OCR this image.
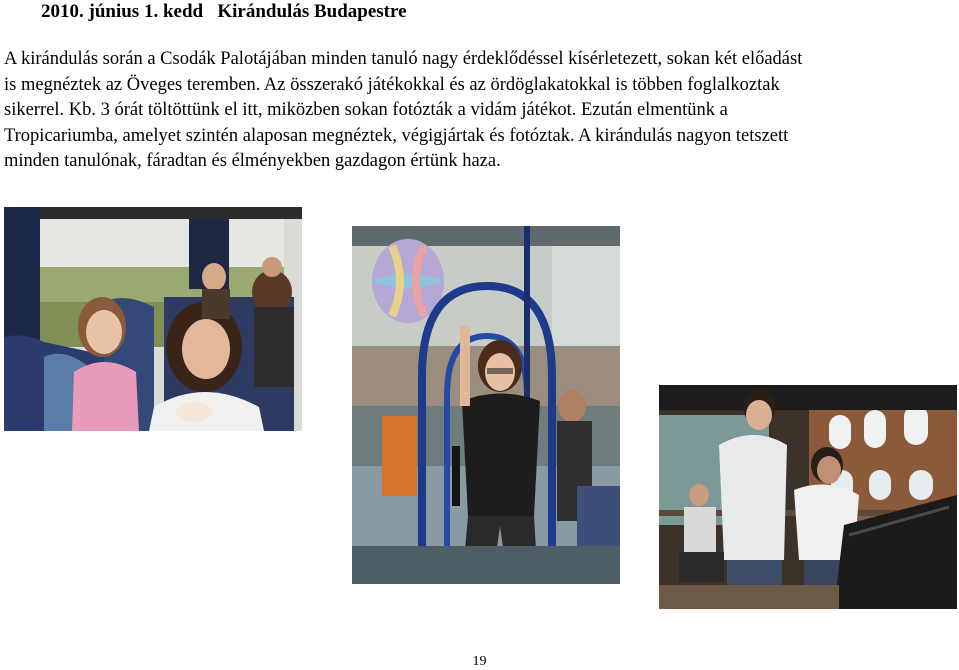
2010. június 1. kedd Kirándulás Budapestre
A kirándulás során a Csodák Palotájában minden tanuló nagy érdeklődéssel kísérletezett, sokan két előadást
is megnéztek az Öveges teremben. Az összerakó játékokkal és az ördöglakatokkal is többen foglalkoztak
sikerrel. Kb. 3 órát töltöttünk el itt, miközben sokan fotózták a vidám játékot. Ezután elmentünk a
Tropicariumba, amelyet szintén alaposan megnéztek, végigjártak és fotóztak. A kirándulás nagyon tetszett
minden tanulónak, fáradtan és élményekben gazdagon értünk haza.
19
